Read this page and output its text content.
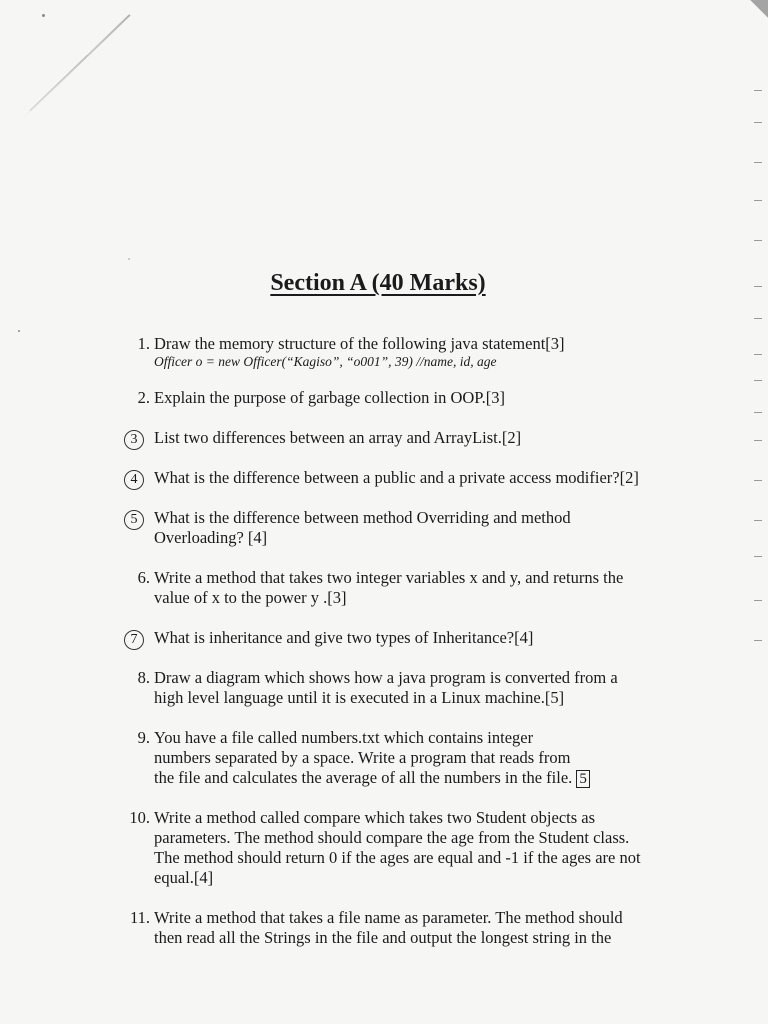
Section A (40 Marks)
1. Draw the memory structure of the following java statement[3]
Officer o = new Officer(“Kagiso”, “o001”, 39) //name, id, age
2. Explain the purpose of garbage collection in OOP.[3]
3	List two differences between an array and ArrayList.[2]
4	What is the difference between a public and a private access modifier?[2]
5	What is the difference between method Overriding and method Overloading? [4]
6. Write a method that takes two integer variables x and y, and returns the value of x to the power y .[3]
7	What is inheritance and give two types of Inheritance?[4]
8. Draw a diagram which shows how a java program is converted from a high level language until it is executed in a Linux machine.[5]
9. You have a file called numbers.txt which contains integer numbers separated by a space. Write a program that reads from the file and calculates the average of all the numbers in the file. 5
10. Write a method called compare which takes two Student objects as parameters. The method should compare the age from the Student class. The method should return 0 if the ages are equal and -1 if the ages are not equal.[4]
11. Write a method that takes a file name as parameter. The method should then read all the Strings in the file and output the longest string in the
